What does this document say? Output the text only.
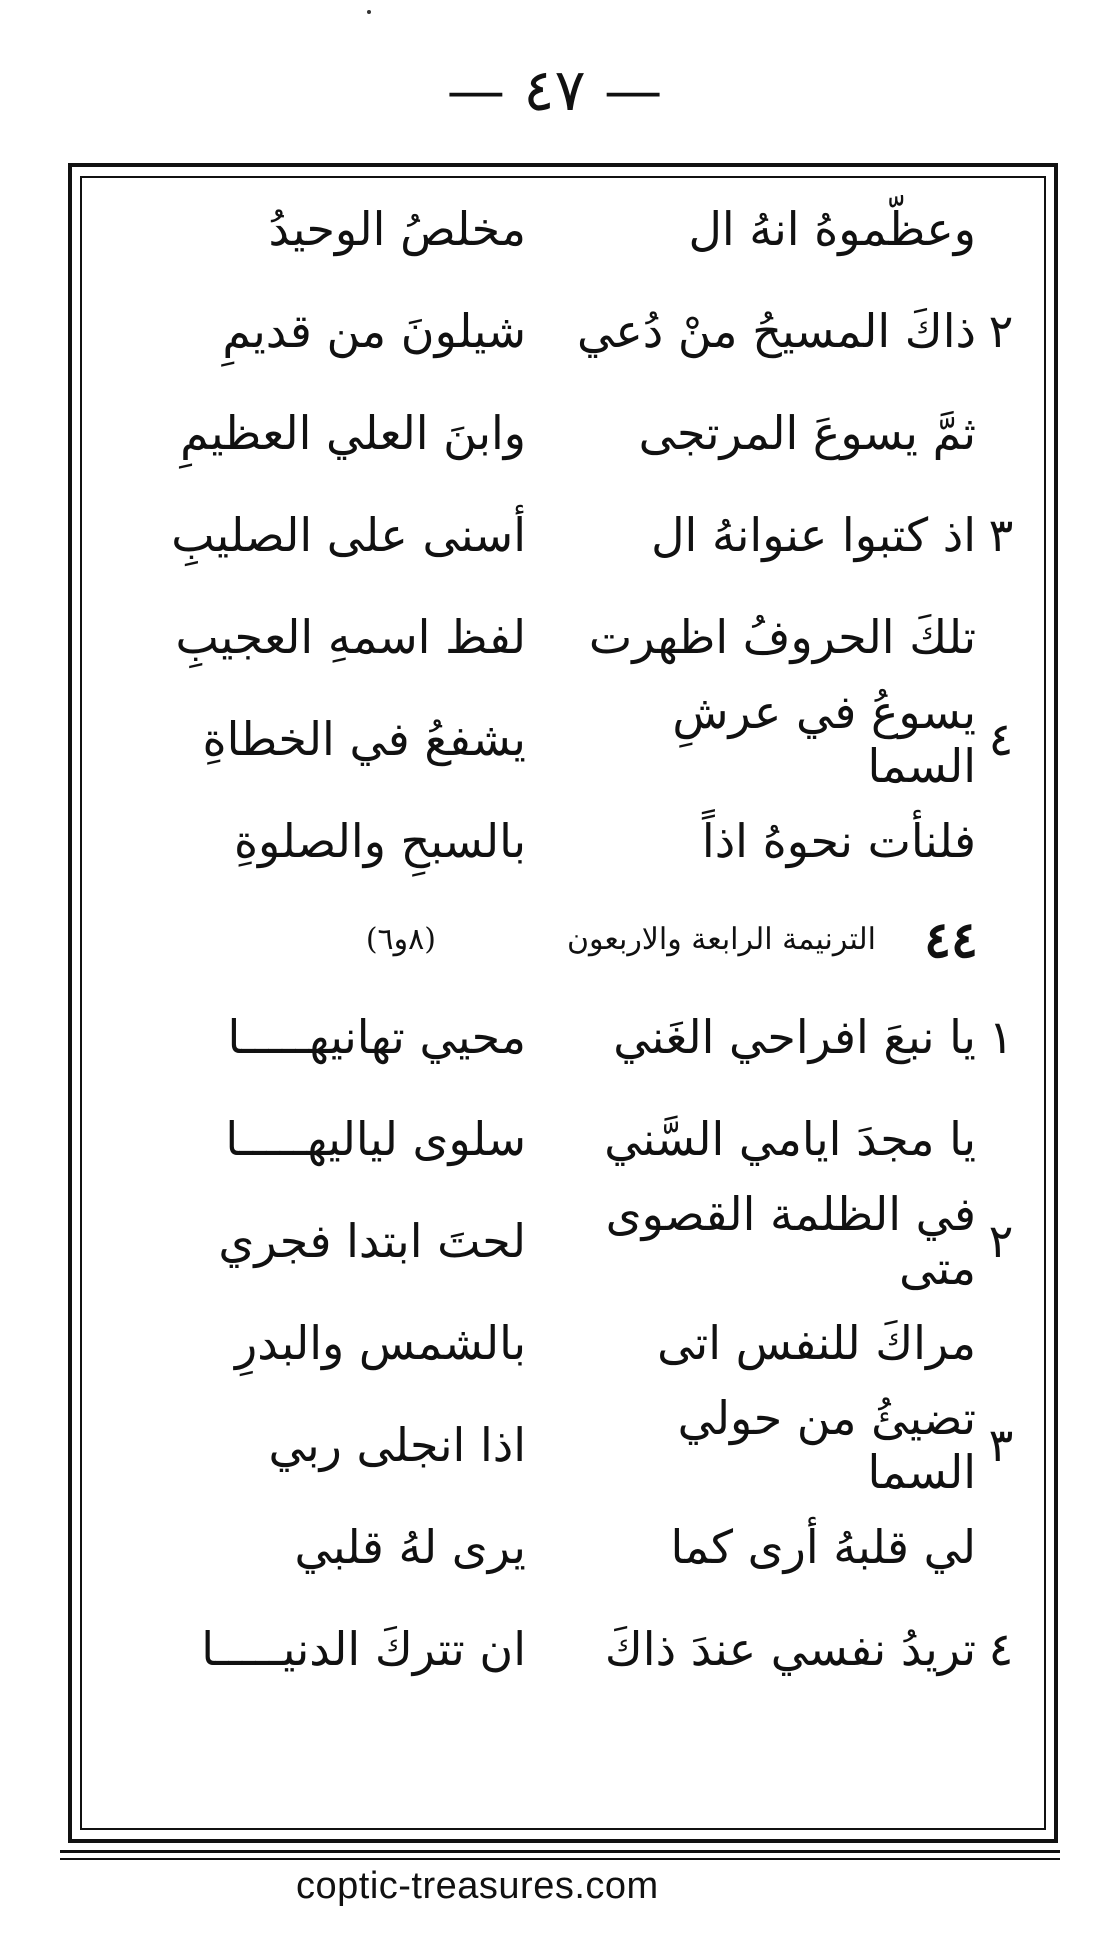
— ٤٧ —
وعظّموهُ انهُ ال
مخلصُ الوحيدُ
٢
ذاكَ المسيحُ منْ دُعي
شيلونَ من قديمِ
ثمَّ يسوعَ المرتجى
وابنَ العلي العظيمِ
٣
اذ كتبوا عنوانهُ ال
أسنى على الصليبِ
تلكَ الحروفُ اظهرت
لفظ اسمهِ العجيبِ
٤
يسوعُ في عرشِ السما
يشفعُ في الخطاةِ
فلنأت نحوهُ اذاً
بالسبحِ والصلوةِ
٤٤
الترنيمة الرابعة والاربعون
(٨و٦)
١
يا نبعَ افراحي الغَني
محيي تهانيهـــــا
يا مجدَ ايامي السَّني
سلوى لياليهـــــا
٢
في الظلمة القصوى متى
لحتَ ابتدا فجري
مراكَ للنفس اتى
بالشمس والبدرِ
٣
تضيئُ من حولي السما
اذا انجلى ربي
لي قلبهُ أرى كما
يرى لهُ قلبي
٤
تريدُ نفسي عندَ ذاكَ
ان تتركَ الدنيـــــا
coptic-treasures.com
